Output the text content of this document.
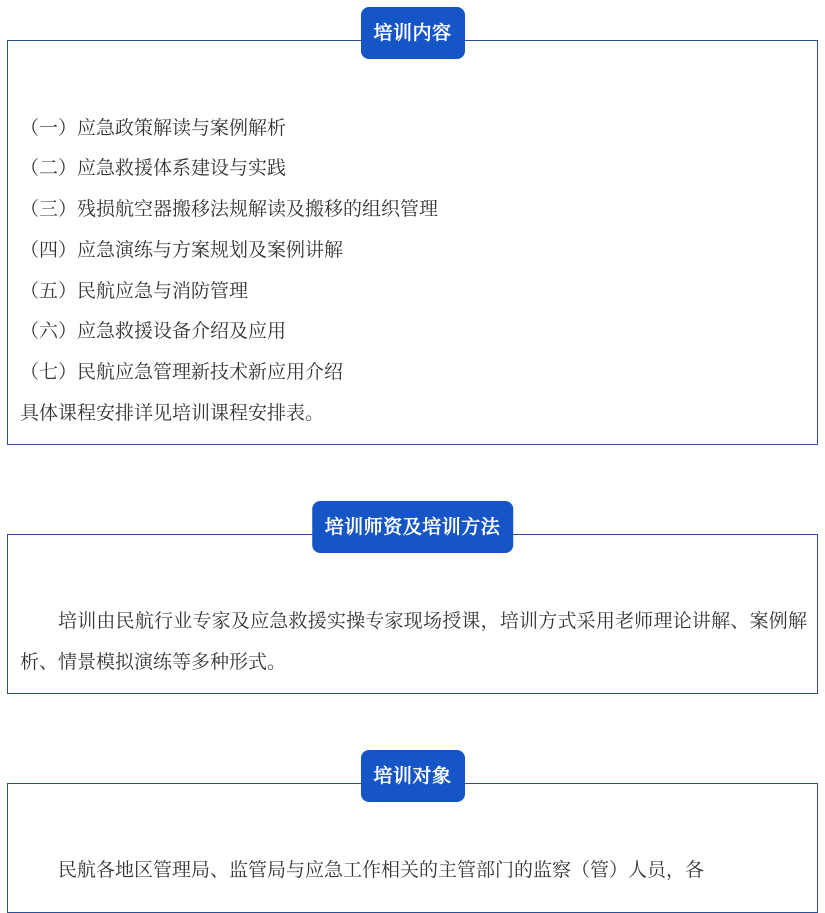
培训内容
（一）应急政策解读与案例解析
（二）应急救援体系建设与实践
（三）残损航空器搬移法规解读及搬移的组织管理
（四）应急演练与方案规划及案例讲解
（五）民航应急与消防管理
（六）应急救援设备介绍及应用
（七）民航应急管理新技术新应用介绍
具体课程安排详见培训课程安排表。
培训师资及培训方法
培训由民航行业专家及应急救援实操专家现场授课，培训方式采用老师理论讲解、案例解析、情景模拟演练等多种形式。
培训对象
民航各地区管理局、监管局与应急工作相关的主管部门的监察（管）人员，各
